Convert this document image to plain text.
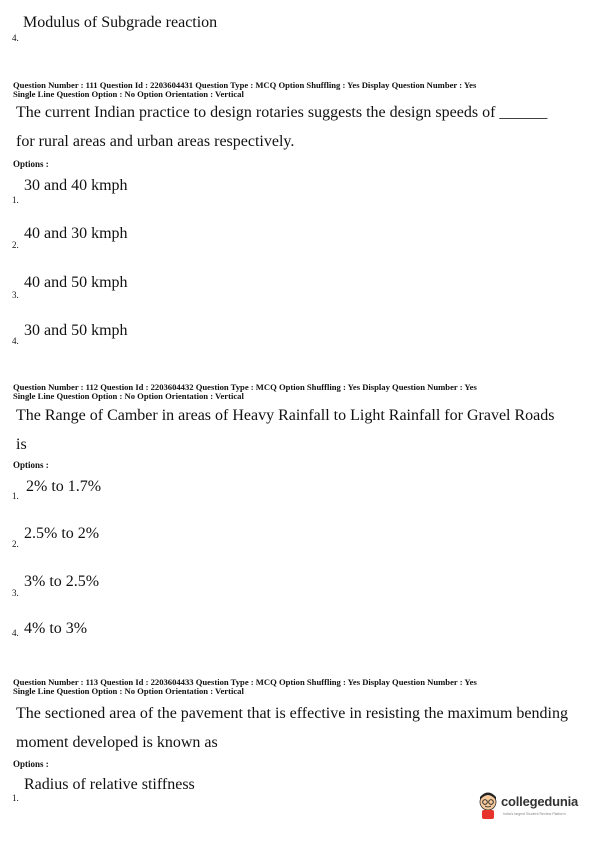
Modulus of Subgrade reaction
4.
Question Number : 111 Question Id : 2203604431 Question Type : MCQ Option Shuffling : Yes Display Question Number : Yes
Single Line Question Option : No Option Orientation : Vertical
The current Indian practice to design rotaries suggests the design speeds of ______
for rural areas and urban areas respectively.
Options :
30 and 40 kmph
1.
40 and 30 kmph
2.
40 and 50 kmph
3.
30 and 50 kmph
4.
Question Number : 112 Question Id : 2203604432 Question Type : MCQ Option Shuffling : Yes Display Question Number : Yes
Single Line Question Option : No Option Orientation : Vertical
The Range of Camber in areas of Heavy Rainfall to Light Rainfall for Gravel Roads
is
Options :
2% to 1.7%
1.
2.5% to 2%
2.
3% to 2.5%
3.
4% to 3%
4.
Question Number : 113 Question Id : 2203604433 Question Type : MCQ Option Shuffling : Yes Display Question Number : Yes
Single Line Question Option : No Option Orientation : Vertical
The sectioned area of the pavement that is effective in resisting the maximum bending
moment developed is known as
Options :
Radius of relative stiffness
1.	collegedunia
India's largest Student Review Platform
